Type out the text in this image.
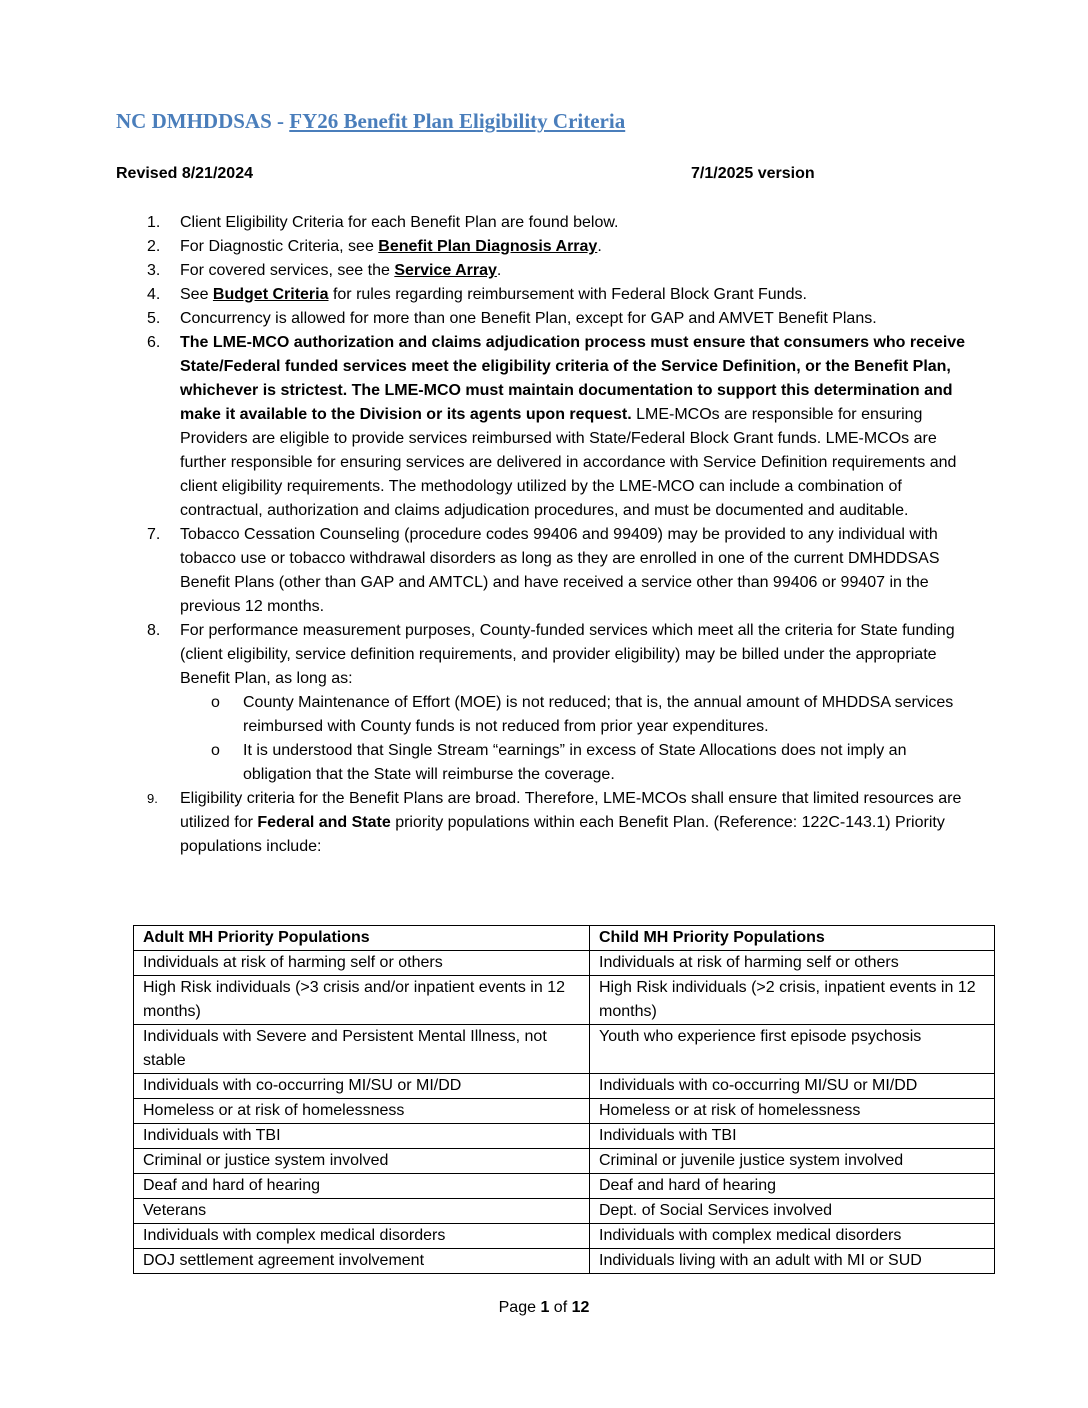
NC DMHDDSAS - FY26 Benefit Plan Eligibility Criteria
Revised 8/21/2024	7/1/2025 version
1. Client Eligibility Criteria for each Benefit Plan are found below.
2. For Diagnostic Criteria, see Benefit Plan Diagnosis Array.
3. For covered services, see the Service Array.
4. See Budget Criteria for rules regarding reimbursement with Federal Block Grant Funds.
5. Concurrency is allowed for more than one Benefit Plan, except for GAP and AMVET Benefit Plans.
6. The LME-MCO authorization and claims adjudication process must ensure that consumers who receive State/Federal funded services meet the eligibility criteria of the Service Definition, or the Benefit Plan, whichever is strictest. The LME-MCO must maintain documentation to support this determination and make it available to the Division or its agents upon request. LME-MCOs are responsible for ensuring Providers are eligible to provide services reimbursed with State/Federal Block Grant funds. LME-MCOs are further responsible for ensuring services are delivered in accordance with Service Definition requirements and client eligibility requirements. The methodology utilized by the LME-MCO can include a combination of contractual, authorization and claims adjudication procedures, and must be documented and auditable.
7. Tobacco Cessation Counseling (procedure codes 99406 and 99409) may be provided to any individual with tobacco use or tobacco withdrawal disorders as long as they are enrolled in one of the current DMHDDSAS Benefit Plans (other than GAP and AMTCL) and have received a service other than 99406 or 99407 in the previous 12 months.
8. For performance measurement purposes, County-funded services which meet all the criteria for State funding (client eligibility, service definition requirements, and provider eligibility) may be billed under the appropriate Benefit Plan, as long as:
o County Maintenance of Effort (MOE) is not reduced; that is, the annual amount of MHDDSA services reimbursed with County funds is not reduced from prior year expenditures.
o It is understood that Single Stream “earnings” in excess of State Allocations does not imply an obligation that the State will reimburse the coverage.
9. Eligibility criteria for the Benefit Plans are broad. Therefore, LME-MCOs shall ensure that limited resources are utilized for Federal and State priority populations within each Benefit Plan. (Reference: 122C-143.1) Priority populations include:
Adult MH Priority Populations	Child MH Priority Populations
Individuals at risk of harming self or others	Individuals at risk of harming self or others
High Risk individuals (>3 crisis and/or inpatient events in 12 months)	High Risk individuals (>2 crisis, inpatient events in 12 months)
Individuals with Severe and Persistent Mental Illness, not stable	Youth who experience first episode psychosis
Individuals with co-occurring MI/SU or MI/DD	Individuals with co-occurring MI/SU or MI/DD
Homeless or at risk of homelessness	Homeless or at risk of homelessness
Individuals with TBI	Individuals with TBI
Criminal or justice system involved	Criminal or juvenile justice system involved
Deaf and hard of hearing	Deaf and hard of hearing
Veterans	Dept. of Social Services involved
Individuals with complex medical disorders	Individuals with complex medical disorders
DOJ settlement agreement involvement	Individuals living with an adult with MI or SUD
Page 1 of 12
